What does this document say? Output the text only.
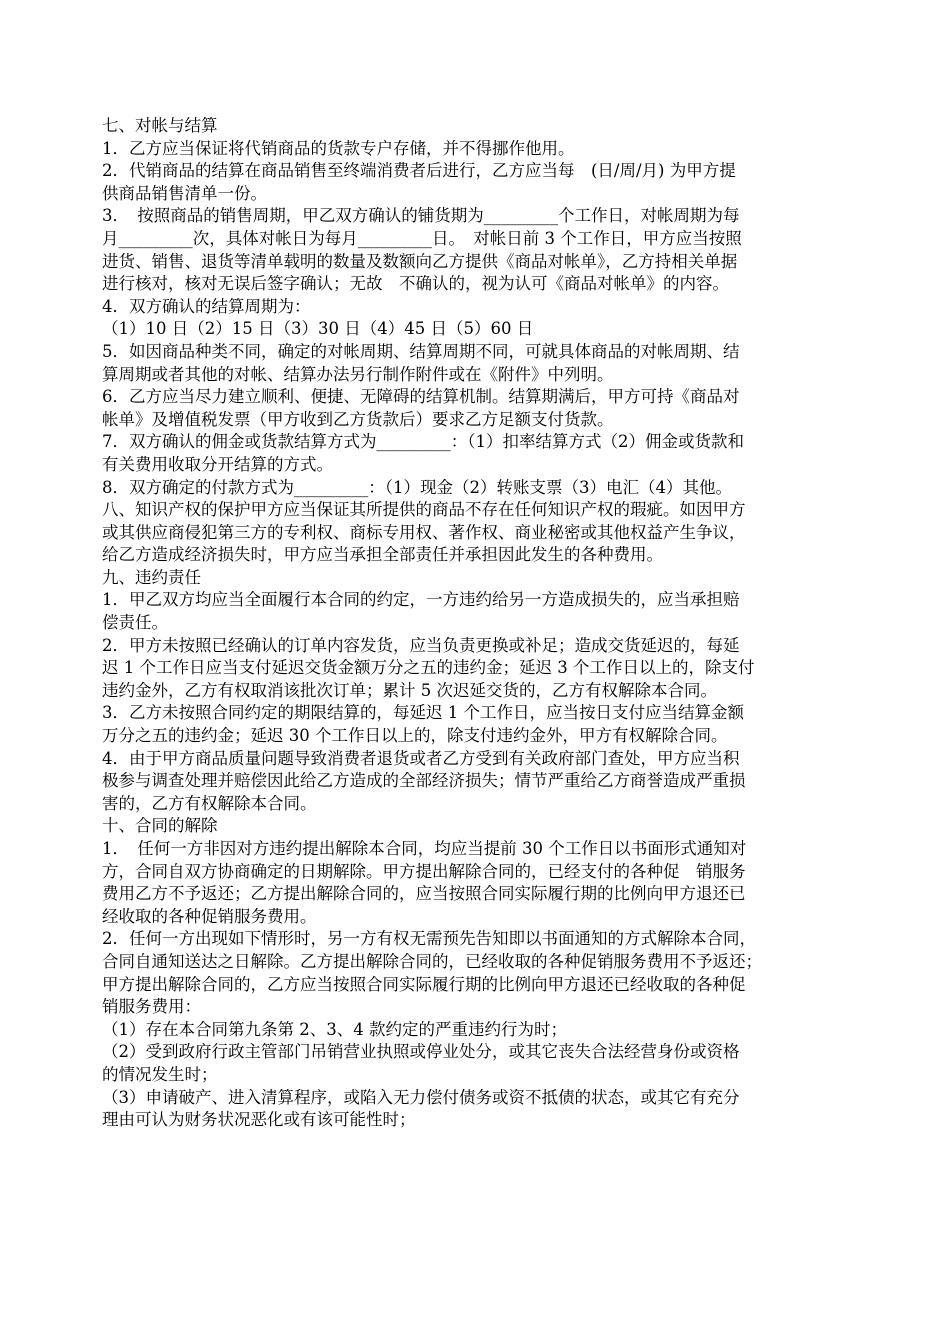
七、对帐与结算
1．乙方应当保证将代销商品的货款专户存储，并不得挪作他用。
2．代销商品的结算在商品销售至终端消费者后进行，乙方应当每　(日/周/月) 为甲方提
供商品销售清单一份。
3．　按照商品的销售周期，甲乙双方确认的铺货期为_________个工作日，对帐周期为每
月_________次，具体对帐日为每月_________日。　对帐日前 3 个工作日，甲方应当按照
进货、销售、退货等清单载明的数量及数额向乙方提供《商品对帐单》，乙方持相关单据
进行核对，核对无误后签字确认；无故　不确认的，视为认可《商品对帐单》的内容。
4．双方确认的结算周期为：
（1）10 日（2）15 日（3）30 日（4）45 日（5）60 日
5．如因商品种类不同，确定的对帐周期、结算周期不同，可就具体商品的对帐周期、结
算周期或者其他的对帐、结算办法另行制作附件或在《附件》中列明。
6．乙方应当尽力建立顺利、便捷、无障碍的结算机制。结算期满后，甲方可持《商品对
帐单》及增值税发票（甲方收到乙方货款后）要求乙方足额支付货款。
7．双方确认的佣金或货款结算方式为_________：（1）扣率结算方式（2）佣金或货款和
有关费用收取分开结算的方式。
8．双方确定的付款方式为_________：（1）现金（2）转账支票（3）电汇（4）其他。
八、知识产权的保护甲方应当保证其所提供的商品不存在任何知识产权的瑕疵。如因甲方
或其供应商侵犯第三方的专利权、商标专用权、著作权、商业秘密或其他权益产生争议，
给乙方造成经济损失时，甲方应当承担全部责任并承担因此发生的各种费用。
九、违约责任
1．甲乙双方均应当全面履行本合同的约定，一方违约给另一方造成损失的，应当承担赔
偿责任。
2．甲方未按照已经确认的订单内容发货，应当负责更换或补足；造成交货延迟的，每延
迟 1 个工作日应当支付延迟交货金额万分之五的违约金；延迟 3 个工作日以上的，除支付
违约金外，乙方有权取消该批次订单；累计 5 次迟延交货的，乙方有权解除本合同。
3．乙方未按照合同约定的期限结算的，每延迟 1 个工作日，应当按日支付应当结算金额
万分之五的违约金；延迟 30 个工作日以上的，除支付违约金外，甲方有权解除合同。
4．由于甲方商品质量问题导致消费者退货或者乙方受到有关政府部门查处，甲方应当积
极参与调查处理并赔偿因此给乙方造成的全部经济损失；情节严重给乙方商誉造成严重损
害的，乙方有权解除本合同。
十、合同的解除
1．　任何一方非因对方违约提出解除本合同，均应当提前 30 个工作日以书面形式通知对
方，合同自双方协商确定的日期解除。甲方提出解除合同的，已经支付的各种促　销服务
费用乙方不予返还；乙方提出解除合同的，应当按照合同实际履行期的比例向甲方退还已
经收取的各种促销服务费用。
2．任何一方出现如下情形时，另一方有权无需预先告知即以书面通知的方式解除本合同，
合同自通知送达之日解除。乙方提出解除合同的，已经收取的各种促销服务费用不予返还；
甲方提出解除合同的，乙方应当按照合同实际履行期的比例向甲方退还已经收取的各种促
销服务费用：
（1）存在本合同第九条第 2、3、4 款约定的严重违约行为时；
（2）受到政府行政主管部门吊销营业执照或停业处分，或其它丧失合法经营身份或资格
的情况发生时；
（3）申请破产、进入清算程序，或陷入无力偿付债务或资不抵债的状态，或其它有充分
理由可认为财务状况恶化或有该可能性时；
